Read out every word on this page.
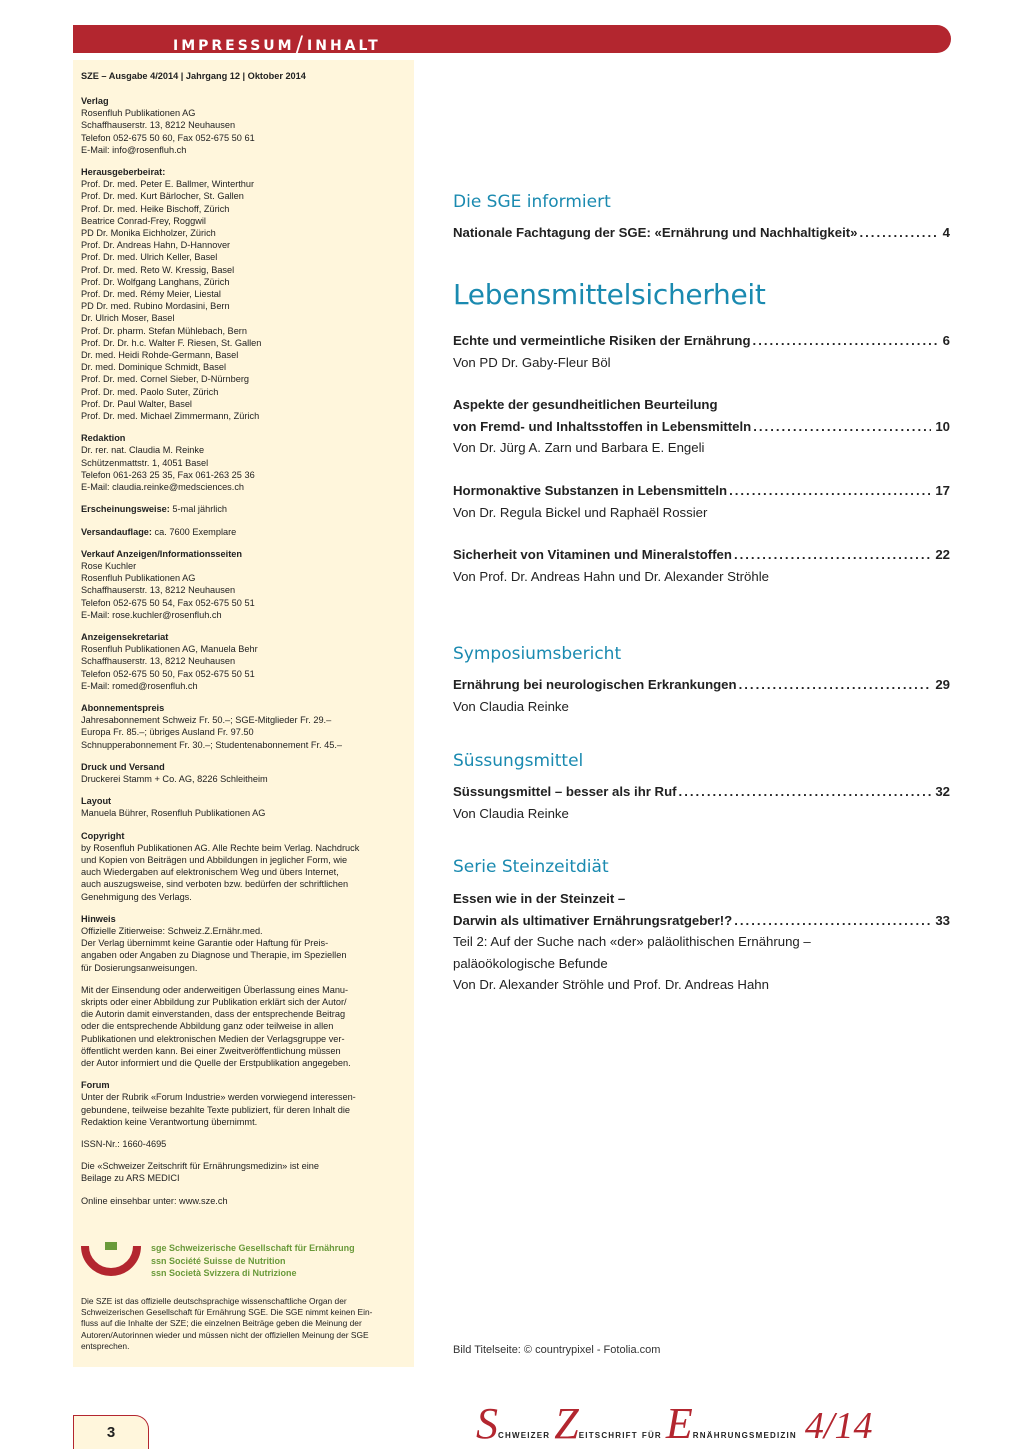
IMPRESSUM/INHALT

SZE – Ausgabe 4/2014 | Jahrgang 12 | Oktober 2014

Verlag

Rosenfluh Publikationen AG

Schaffhauserstr. 13, 8212 Neuhausen

Telefon 052-675 50 60, Fax 052-675 50 61

E-Mail: info@rosenfluh.ch

Herausgeberbeirat:

Prof. Dr. med. Peter E. Ballmer, Winterthur

Prof. Dr. med. Kurt Bärlocher, St. Gallen

Prof. Dr. med. Heike Bischoff, Zürich

Beatrice Conrad-Frey, Roggwil

PD Dr. Monika Eichholzer, Zürich

Prof. Dr. Andreas Hahn, D-Hannover

Prof. Dr. med. Ulrich Keller, Basel

Prof. Dr. med. Reto W. Kressig, Basel

Prof. Dr. Wolfgang Langhans, Zürich

Prof. Dr. med. Rémy Meier, Liestal

PD Dr. med. Rubino Mordasini, Bern

Dr. Ulrich Moser, Basel

Prof. Dr. pharm. Stefan Mühlebach, Bern

Prof. Dr. Dr. h.c. Walter F. Riesen, St. Gallen

Dr. med. Heidi Rohde-Germann, Basel

Dr. med. Dominique Schmidt, Basel

Prof. Dr. med. Cornel Sieber, D-Nürnberg

Prof. Dr. med. Paolo Suter, Zürich

Prof. Dr. Paul Walter, Basel

Prof. Dr. med. Michael Zimmermann, Zürich

Redaktion

Dr. rer. nat. Claudia M. Reinke

Schützenmattstr. 1, 4051 Basel

Telefon 061-263 25 35, Fax 061-263 25 36

E-Mail: claudia.reinke@medsciences.ch

Erscheinungsweise: 5-mal jährlich

Versandauflage: ca. 7600 Exemplare

Verkauf Anzeigen/Informationsseiten

Rose Kuchler

Rosenfluh Publikationen AG

Schaffhauserstr. 13, 8212 Neuhausen

Telefon 052-675 50 54, Fax 052-675 50 51

E-Mail: rose.kuchler@rosenfluh.ch

Anzeigensekretariat

Rosenfluh Publikationen AG, Manuela Behr

Schaffhauserstr. 13, 8212 Neuhausen

Telefon 052-675 50 50, Fax 052-675 50 51

E-Mail: romed@rosenfluh.ch

Abonnementspreis

Jahresabonnement Schweiz Fr. 50.–; SGE-Mitglieder Fr. 29.–

Europa Fr. 85.–; übriges Ausland Fr. 97.50

Schnupperabonnement Fr. 30.–; Studentenabonnement Fr. 45.–

Druck und Versand

Druckerei Stamm + Co. AG, 8226 Schleitheim

Layout

Manuela Bührer, Rosenfluh Publikationen AG

Copyright

by Rosenfluh Publikationen AG. Alle Rechte beim Verlag. Nachdruck

und Kopien von Beiträgen und Abbildungen in jeglicher Form, wie

auch Wiedergaben auf elektronischem Weg und übers Internet,

auch auszugsweise, sind verboten bzw. bedürfen der schriftlichen

Genehmigung des Verlags.

Hinweis

Offizielle Zitierweise: Schweiz.Z.Ernähr.med.

Der Verlag übernimmt keine Garantie oder Haftung für Preis-

angaben oder Angaben zu Diagnose und Therapie, im Speziellen

für Dosierungsanweisungen.

Mit der Einsendung oder anderweitigen Überlassung eines Manu-

skripts oder einer Abbildung zur Publikation erklärt sich der Autor/

die Autorin damit einverstanden, dass der entsprechende Beitrag

oder die entsprechende Abbildung ganz oder teilweise in allen

Publikationen und elektronischen Medien der Verlagsgruppe ver-

öffentlicht werden kann. Bei einer Zweitveröffentlichung müssen

der Autor informiert und die Quelle der Erstpublikation angegeben.

Forum

Unter der Rubrik «Forum Industrie» werden vorwiegend interessen-

gebundene, teilweise bezahlte Texte publiziert, für deren Inhalt die

Redaktion keine Verantwortung übernimmt.

ISSN-Nr.: 1660-4695

Die «Schweizer Zeitschrift für Ernährungsmedizin» ist eine

Beilage zu ARS MEDICI

Online einsehbar unter: www.sze.ch

sge Schweizerische Gesellschaft für Ernährung
ssn Société Suisse de Nutrition
ssn Società Svizzera di Nutrizione

Die SZE ist das offizielle deutschsprachige wissenschaftliche Organ der

Schweizerischen Gesellschaft für Ernährung SGE. Die SGE nimmt keinen Ein-

fluss auf die Inhalte der SZE; die einzelnen Beiträge geben die Meinung der

Autoren/Autorinnen wieder und müssen nicht der offiziellen Meinung der SGE

entsprechen.

Die SGE informiert
Nationale Fachtagung der SGE: «Ernährung und Nachhaltigkeit» .....	4
Lebensmittelsicherheit
Echte und vermeintliche Risiken der Ernährung .....	6
Von PD Dr. Gaby-Fleur Böl
Aspekte der gesundheitlichen Beurteilung
von Fremd- und Inhaltsstoffen in Lebensmitteln .....	10
Von Dr. Jürg A. Zarn und Barbara E. Engeli
Hormonaktive Substanzen in Lebensmitteln .....	17
Von Dr. Regula Bickel und Raphaël Rossier
Sicherheit von Vitaminen und Mineralstoffen .....	22
Von Prof. Dr. Andreas Hahn und Dr. Alexander Ströhle
Symposiumsbericht
Ernährung bei neurologischen Erkrankungen .....	29
Von Claudia Reinke
Süssungsmittel
Süssungsmittel – besser als ihr Ruf .....	32
Von Claudia Reinke
Serie Steinzeitdiät
Essen wie in der Steinzeit –
Darwin als ultimativer Ernährungsratgeber!? .....	33
Teil 2: Auf der Suche nach «der» paläolithischen Ernährung –
paläoökologische Befunde
Von Dr. Alexander Ströhle und Prof. Dr. Andreas Hahn
Bild Titelseite: © countrypixel - Fotolia.com
3	SCHWEIZERZEITSCHRIFT FÜRERNÄHRUNGSMEDIZIN 4/14
